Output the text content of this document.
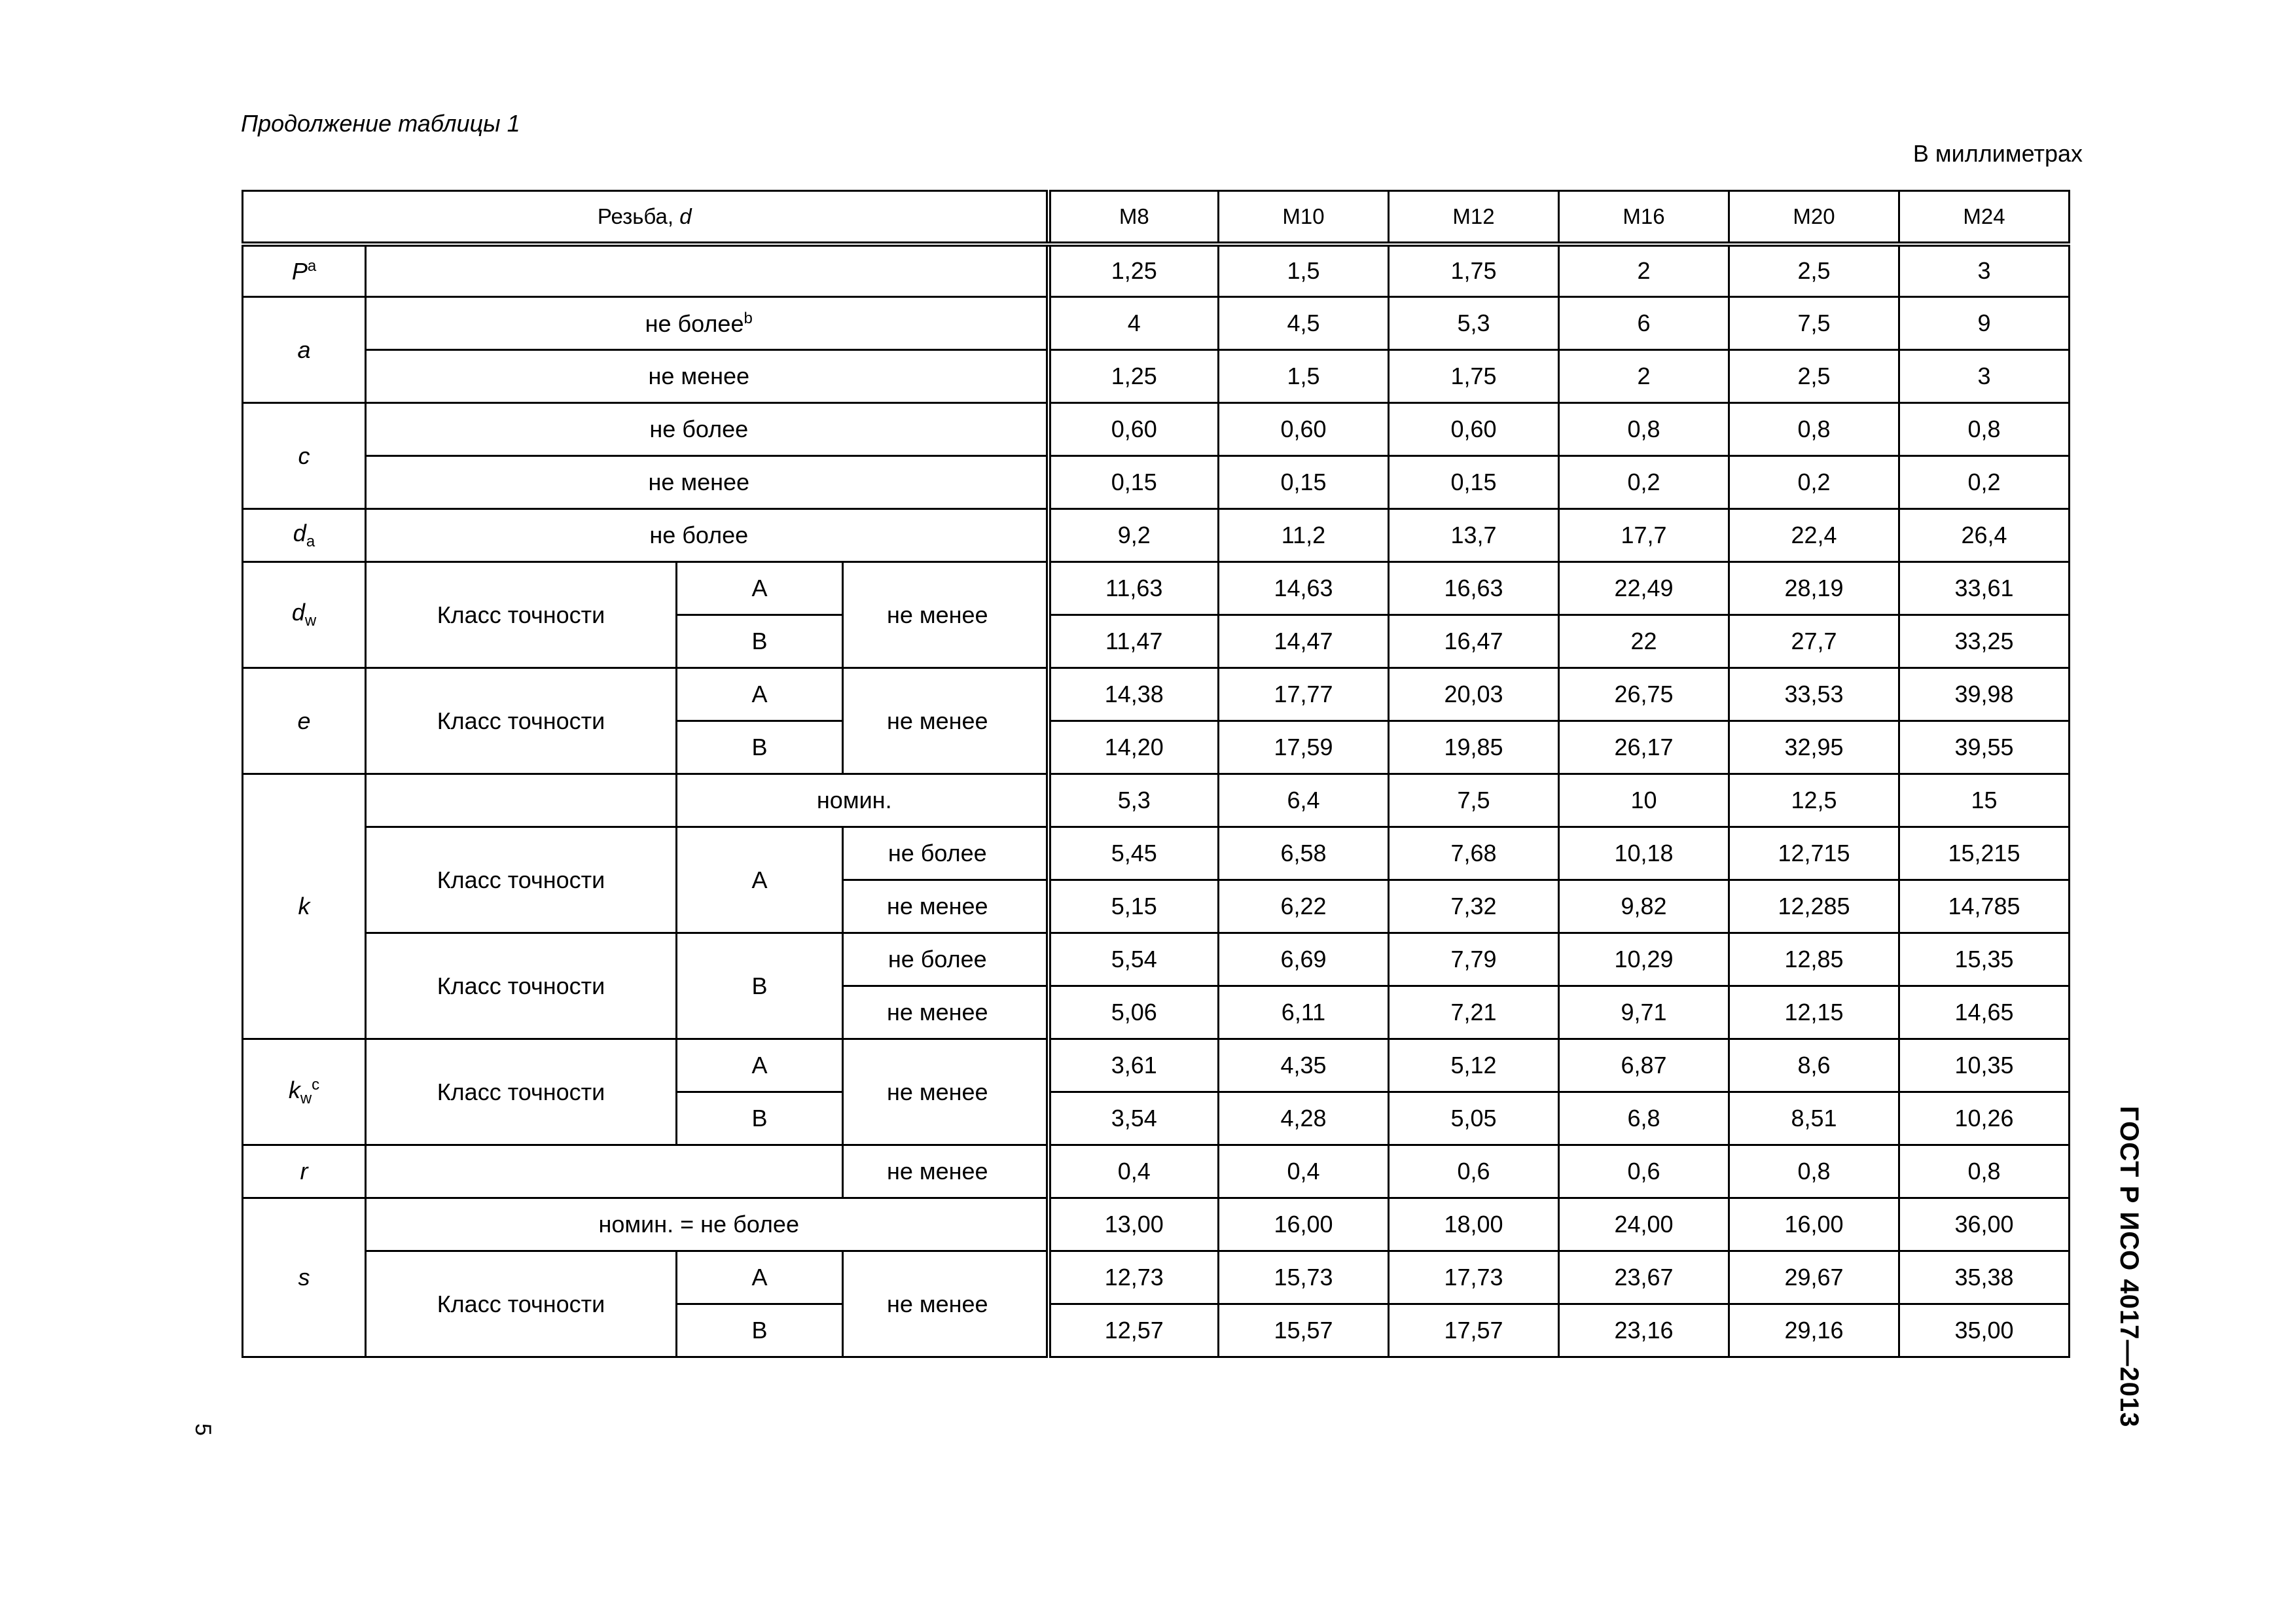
Продолжение таблицы 1
В миллиметрах
Резьба, d				M8	M10	M12	M16	M20	M24
$P^a$				1,25	1,5	1,75	2	2,5	3
a	не более$^b$			4	4,5	5,3	6	7,5	9
	не менее			1,25	1,5	1,75	2	2,5	3
c	не более			0,60	0,60	0,60	0,8	0,8	0,8
	не менее			0,15	0,15	0,15	0,2	0,2	0,2
$d_a$	не более			9,2	11,2	13,7	17,7	22,4	26,4
$d_w$	Класс точности	A	не менее	11,63	14,63	16,63	22,49	28,19	33,61
		B		11,47	14,47	16,47	22	27,7	33,25
e	Класс точности	A	не менее	14,38	17,77	20,03	26,75	33,53	39,98
		B		14,20	17,59	19,85	26,17	32,95	39,55
k		номин.		5,3	6,4	7,5	10	12,5	15
	Класс точности	A	не более	5,45	6,58	7,68	10,18	12,715	15,215
			не менее	5,15	6,22	7,32	9,82	12,285	14,785
	Класс точности	B	не более	5,54	6,69	7,79	10,29	12,85	15,35
			не менее	5,06	6,11	7,21	9,71	12,15	14,65
$k_w^c$	Класс точности	A	не менее	3,61	4,35	5,12	6,87	8,6	10,35
		B		3,54	4,28	5,05	6,8	8,51	10,26
r			не менее	0,4	0,4	0,6	0,6	0,8	0,8
s	номин. = не более			13,00	16,00	18,00	24,00	16,00	36,00
	Класс точности	A	не менее	12,73	15,73	17,73	23,67	29,67	35,38
		B		12,57	15,57	17,57	23,16	29,16	35,00	ГОСТ Р ИСО 4017—2013
5
